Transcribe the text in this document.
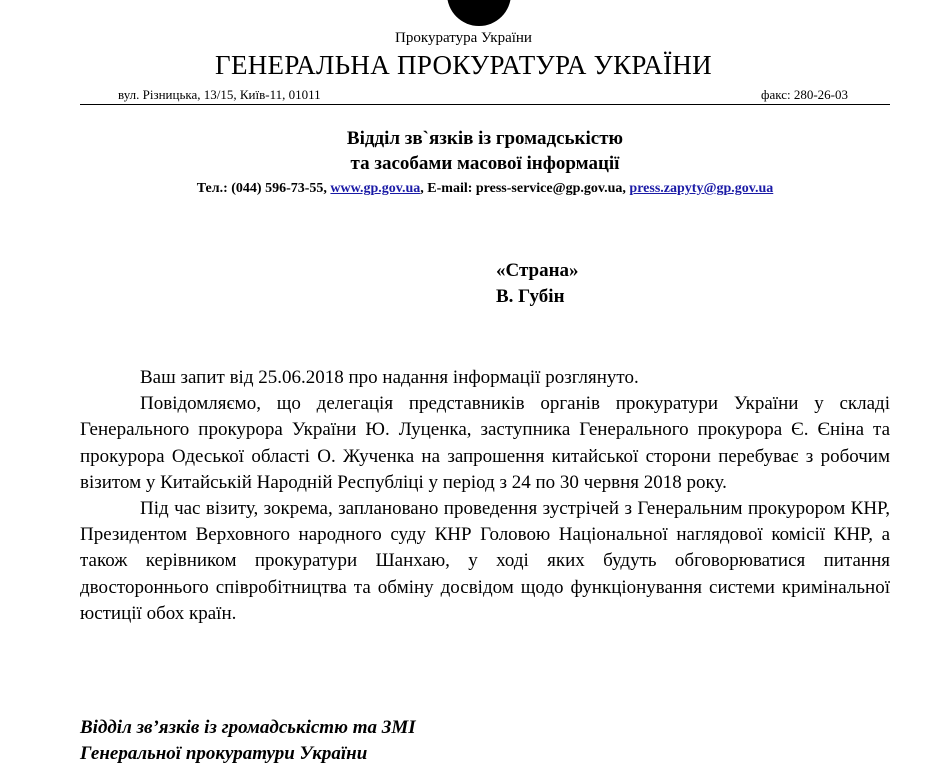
Прокуратура України
ГЕНЕРАЛЬНА ПРОКУРАТУРА УКРАЇНИ
вул. Різницька, 13/15, Київ-11, 01011	факс: 280-26-03
Відділ зв`язків із громадськістю
та засобами масової інформації
Тел.: (044) 596-73-55, www.gp.gov.ua, E-mail: press-service@gp.gov.ua, press.zapyty@gp.gov.ua
«Страна»
В. Губін

Ваш запит від 25.06.2018 про надання інформації розглянуто.

Повідомляємо, що делегація представників органів прокуратури України у складі Генерального прокурора України Ю. Луценка, заступника Генерального прокурора Є. Єніна та прокурора Одеської області О. Жученка на запрошення китайської сторони перебуває з робочим візитом у Китайській Народній Республіці у період з 24 по 30 червня 2018 року.

Під час візиту, зокрема, заплановано проведення зустрічей з Генеральним прокурором КНР, Президентом Верховного народного суду КНР Головою Національної наглядової комісії КНР, а також керівником прокуратури Шанхаю, у ході яких будуть обговорюватися питання двостороннього співробітництва та обміну досвідом щодо функціонування системи кримінальної юстиції обох країн.

Відділ зв’язків із громадськістю та ЗМІ
Генеральної прокуратури України
